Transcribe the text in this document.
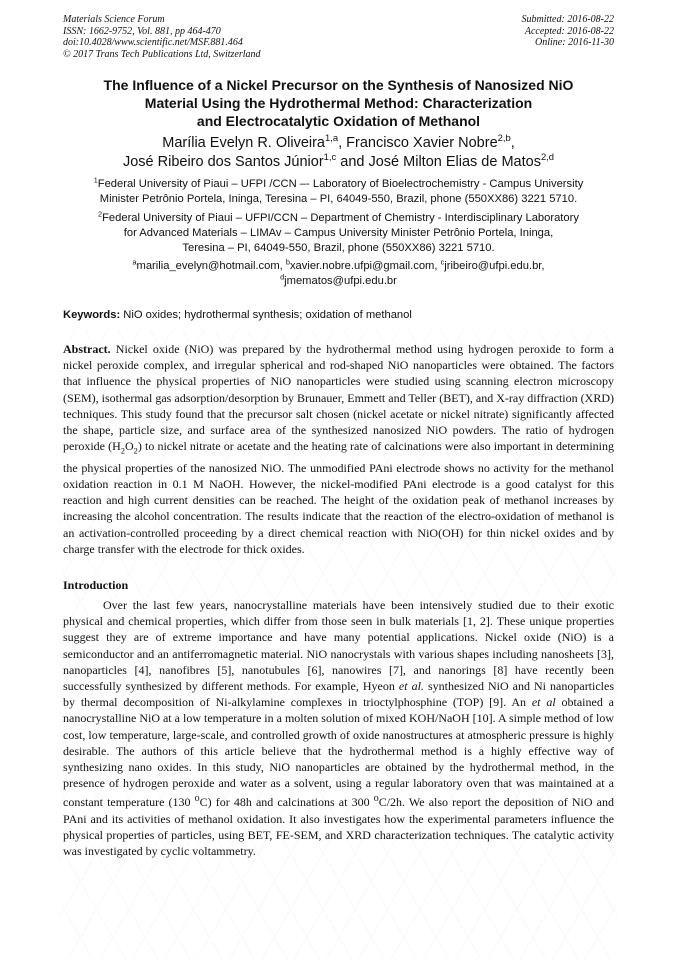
Materials Science Forum
ISSN: 1662-9752, Vol. 881, pp 464-470
doi:10.4028/www.scientific.net/MSF.881.464
© 2017 Trans Tech Publications Ltd, Switzerland
Submitted: 2016-08-22
Accepted: 2016-08-22
Online: 2016-11-30
The Influence of a Nickel Precursor on the Synthesis of Nanosized NiO
Material Using the Hydrothermal Method: Characterization
and Electrocatalytic Oxidation of Methanol
Marília Evelyn R. Oliveira$^{1,a}$, Francisco Xavier Nobre$^{2,b}$,
José Ribeiro dos Santos Júnior$^{1,c}$ and José Milton Elias de Matos$^{2,d}$
$^1$Federal University of Piaui – UFPI /CCN –- Laboratory of Bioelectrochemistry - Campus University
Minister Petrônio Portela, Ininga, Teresina – PI, 64049-550, Brazil, phone (550XX86) 3221 5710.
$^2$Federal University of Piaui – UFPI/CCN – Department of Chemistry - Interdisciplinary Laboratory
for Advanced Materials – LIMAv – Campus University Minister Petrônio Portela, Ininga,
Teresina – PI, 64049-550, Brazil, phone (550XX86) 3221 5710.
$^a$marilia_evelyn@hotmail.com, $^b$xavier.nobre.ufpi@gmail.com, $^c$jribeiro@ufpi.edu.br,
$^d$jmematos@ufpi.edu.br
Keywords: NiO oxides; hydrothermal synthesis; oxidation of methanol
Abstract. Nickel oxide (NiO) was prepared by the hydrothermal method using hydrogen peroxide to form a nickel peroxide complex, and irregular spherical and rod-shaped NiO nanoparticles were obtained. The factors that influence the physical properties of NiO nanoparticles were studied using scanning electron microscopy (SEM), isothermal gas adsorption/desorption by Brunauer, Emmett and Teller (BET), and X-ray diffraction (XRD) techniques. This study found that the precursor salt chosen (nickel acetate or nickel nitrate) significantly affected the shape, particle size, and surface area of the synthesized nanosized NiO powders. The ratio of hydrogen peroxide $(H_2O_2)$ to nickel nitrate or acetate and the heating rate of calcinations were also important in determining the physical properties of the nanosized NiO. The unmodified PAni electrode shows no activity for the methanol oxidation reaction in 0.1 M NaOH. However, the nickel-modified PAni electrode is a good catalyst for this reaction and high current densities can be reached. The height of the oxidation peak of methanol increases by increasing the alcohol concentration. The results indicate that the reaction of the electro-oxidation of methanol is an activation-controlled proceeding by a direct chemical reaction with NiO(OH) for thin nickel oxides and by charge transfer with the electrode for thick oxides.
Introduction
Over the last few years, nanocrystalline materials have been intensively studied due to their exotic physical and chemical properties, which differ from those seen in bulk materials [1, 2]. These unique properties suggest they are of extreme importance and have many potential applications. Nickel oxide (NiO) is a semiconductor and an antiferromagnetic material. NiO nanocrystals with various shapes including nanosheets [3], nanoparticles [4], nanofibres [5], nanotubules [6], nanowires [7], and nanorings [8] have recently been successfully synthesized by different methods. For example, Hyeon et al. synthesized NiO and Ni nanoparticles by thermal decomposition of Ni-alkylamine complexes in trioctylphosphine (TOP) [9]. An et al obtained a nanocrystalline NiO at a low temperature in a molten solution of mixed KOH/NaOH [10]. A simple method of low cost, low temperature, large-scale, and controlled growth of oxide nanostructures at atmospheric pressure is highly desirable. The authors of this article believe that the hydrothermal method is a highly effective way of synthesizing nano oxides. In this study, NiO nanoparticles are obtained by the hydrothermal method, in the presence of hydrogen peroxide and water as a solvent, using a regular laboratory oven that was maintained at a constant temperature (130 $^o$C) for 48h and calcinations at 300 $^o$C/2h. We also report the deposition of NiO and PAni and its activities of methanol oxidation. It also investigates how the experimental parameters influence the physical properties of particles, using BET, FE-SEM, and XRD characterization techniques. The catalytic activity was investigated by cyclic voltammetry.
